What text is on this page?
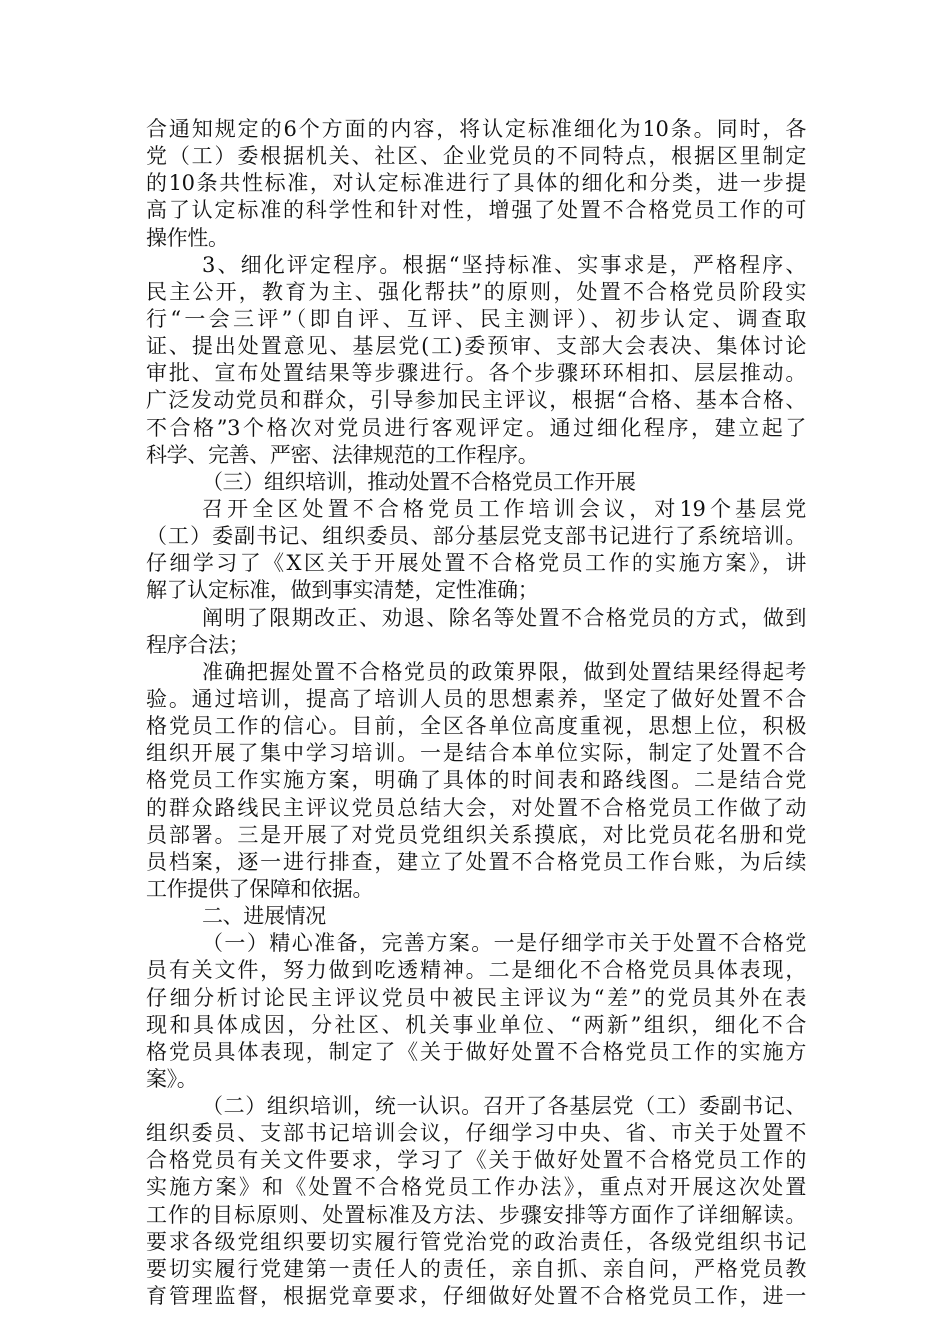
合通知规定的6个方面的内容，将认定标准细化为10条。同时，各
党（工）委根据机关、社区、企业党员的不同特点，根据区里制定
的10条共性标准，对认定标准进行了具体的细化和分类，进一步提
高了认定标准的科学性和针对性，增强了处置不合格党员工作的可
操作性。
3、细化评定程序。根据“坚持标准、实事求是，严格程序、
民主公开，教育为主、强化帮扶”的原则，处置不合格党员阶段实
行“一会三评”（即自评、互评、民主测评）、初步认定、调查取
证、提出处置意见、基层党(工)委预审、支部大会表决、集体讨论
审批、宣布处置结果等步骤进行。各个步骤环环相扣、层层推动。
广泛发动党员和群众，引导参加民主评议，根据“合格、基本合格、
不合格”3个格次对党员进行客观评定。通过细化程序，建立起了
科学、完善、严密、法律规范的工作程序。
（三）组织培训，推动处置不合格党员工作开展
召开全区处置不合格党员工作培训会议，对19个基层党
（工）委副书记、组织委员、部分基层党支部书记进行了系统培训。
仔细学习了《X区关于开展处置不合格党员工作的实施方案》，讲
解了认定标准，做到事实清楚，定性准确；
阐明了限期改正、劝退、除名等处置不合格党员的方式，做到
程序合法；
准确把握处置不合格党员的政策界限，做到处置结果经得起考
验。通过培训，提高了培训人员的思想素养，坚定了做好处置不合
格党员工作的信心。目前，全区各单位高度重视，思想上位，积极
组织开展了集中学习培训。一是结合本单位实际，制定了处置不合
格党员工作实施方案，明确了具体的时间表和路线图。二是结合党
的群众路线民主评议党员总结大会，对处置不合格党员工作做了动
员部署。三是开展了对党员党组织关系摸底，对比党员花名册和党
员档案，逐一进行排查，建立了处置不合格党员工作台账，为后续
工作提供了保障和依据。
二、进展情况
（一）精心准备，完善方案。一是仔细学市关于处置不合格党
员有关文件，努力做到吃透精神。二是细化不合格党员具体表现，
仔细分析讨论民主评议党员中被民主评议为“差”的党员其外在表
现和具体成因，分社区、机关事业单位、“两新”组织，细化不合
格党员具体表现，制定了《关于做好处置不合格党员工作的实施方
案》。
（二）组织培训，统一认识。召开了各基层党（工）委副书记、
组织委员、支部书记培训会议，仔细学习中央、省、市关于处置不
合格党员有关文件要求，学习了《关于做好处置不合格党员工作的
实施方案》和《处置不合格党员工作办法》，重点对开展这次处置
工作的目标原则、处置标准及方法、步骤安排等方面作了详细解读。
要求各级党组织要切实履行管党治党的政治责任，各级党组织书记
要切实履行党建第一责任人的责任，亲自抓、亲自问，严格党员教
育管理监督，根据党章要求，仔细做好处置不合格党员工作，进一
